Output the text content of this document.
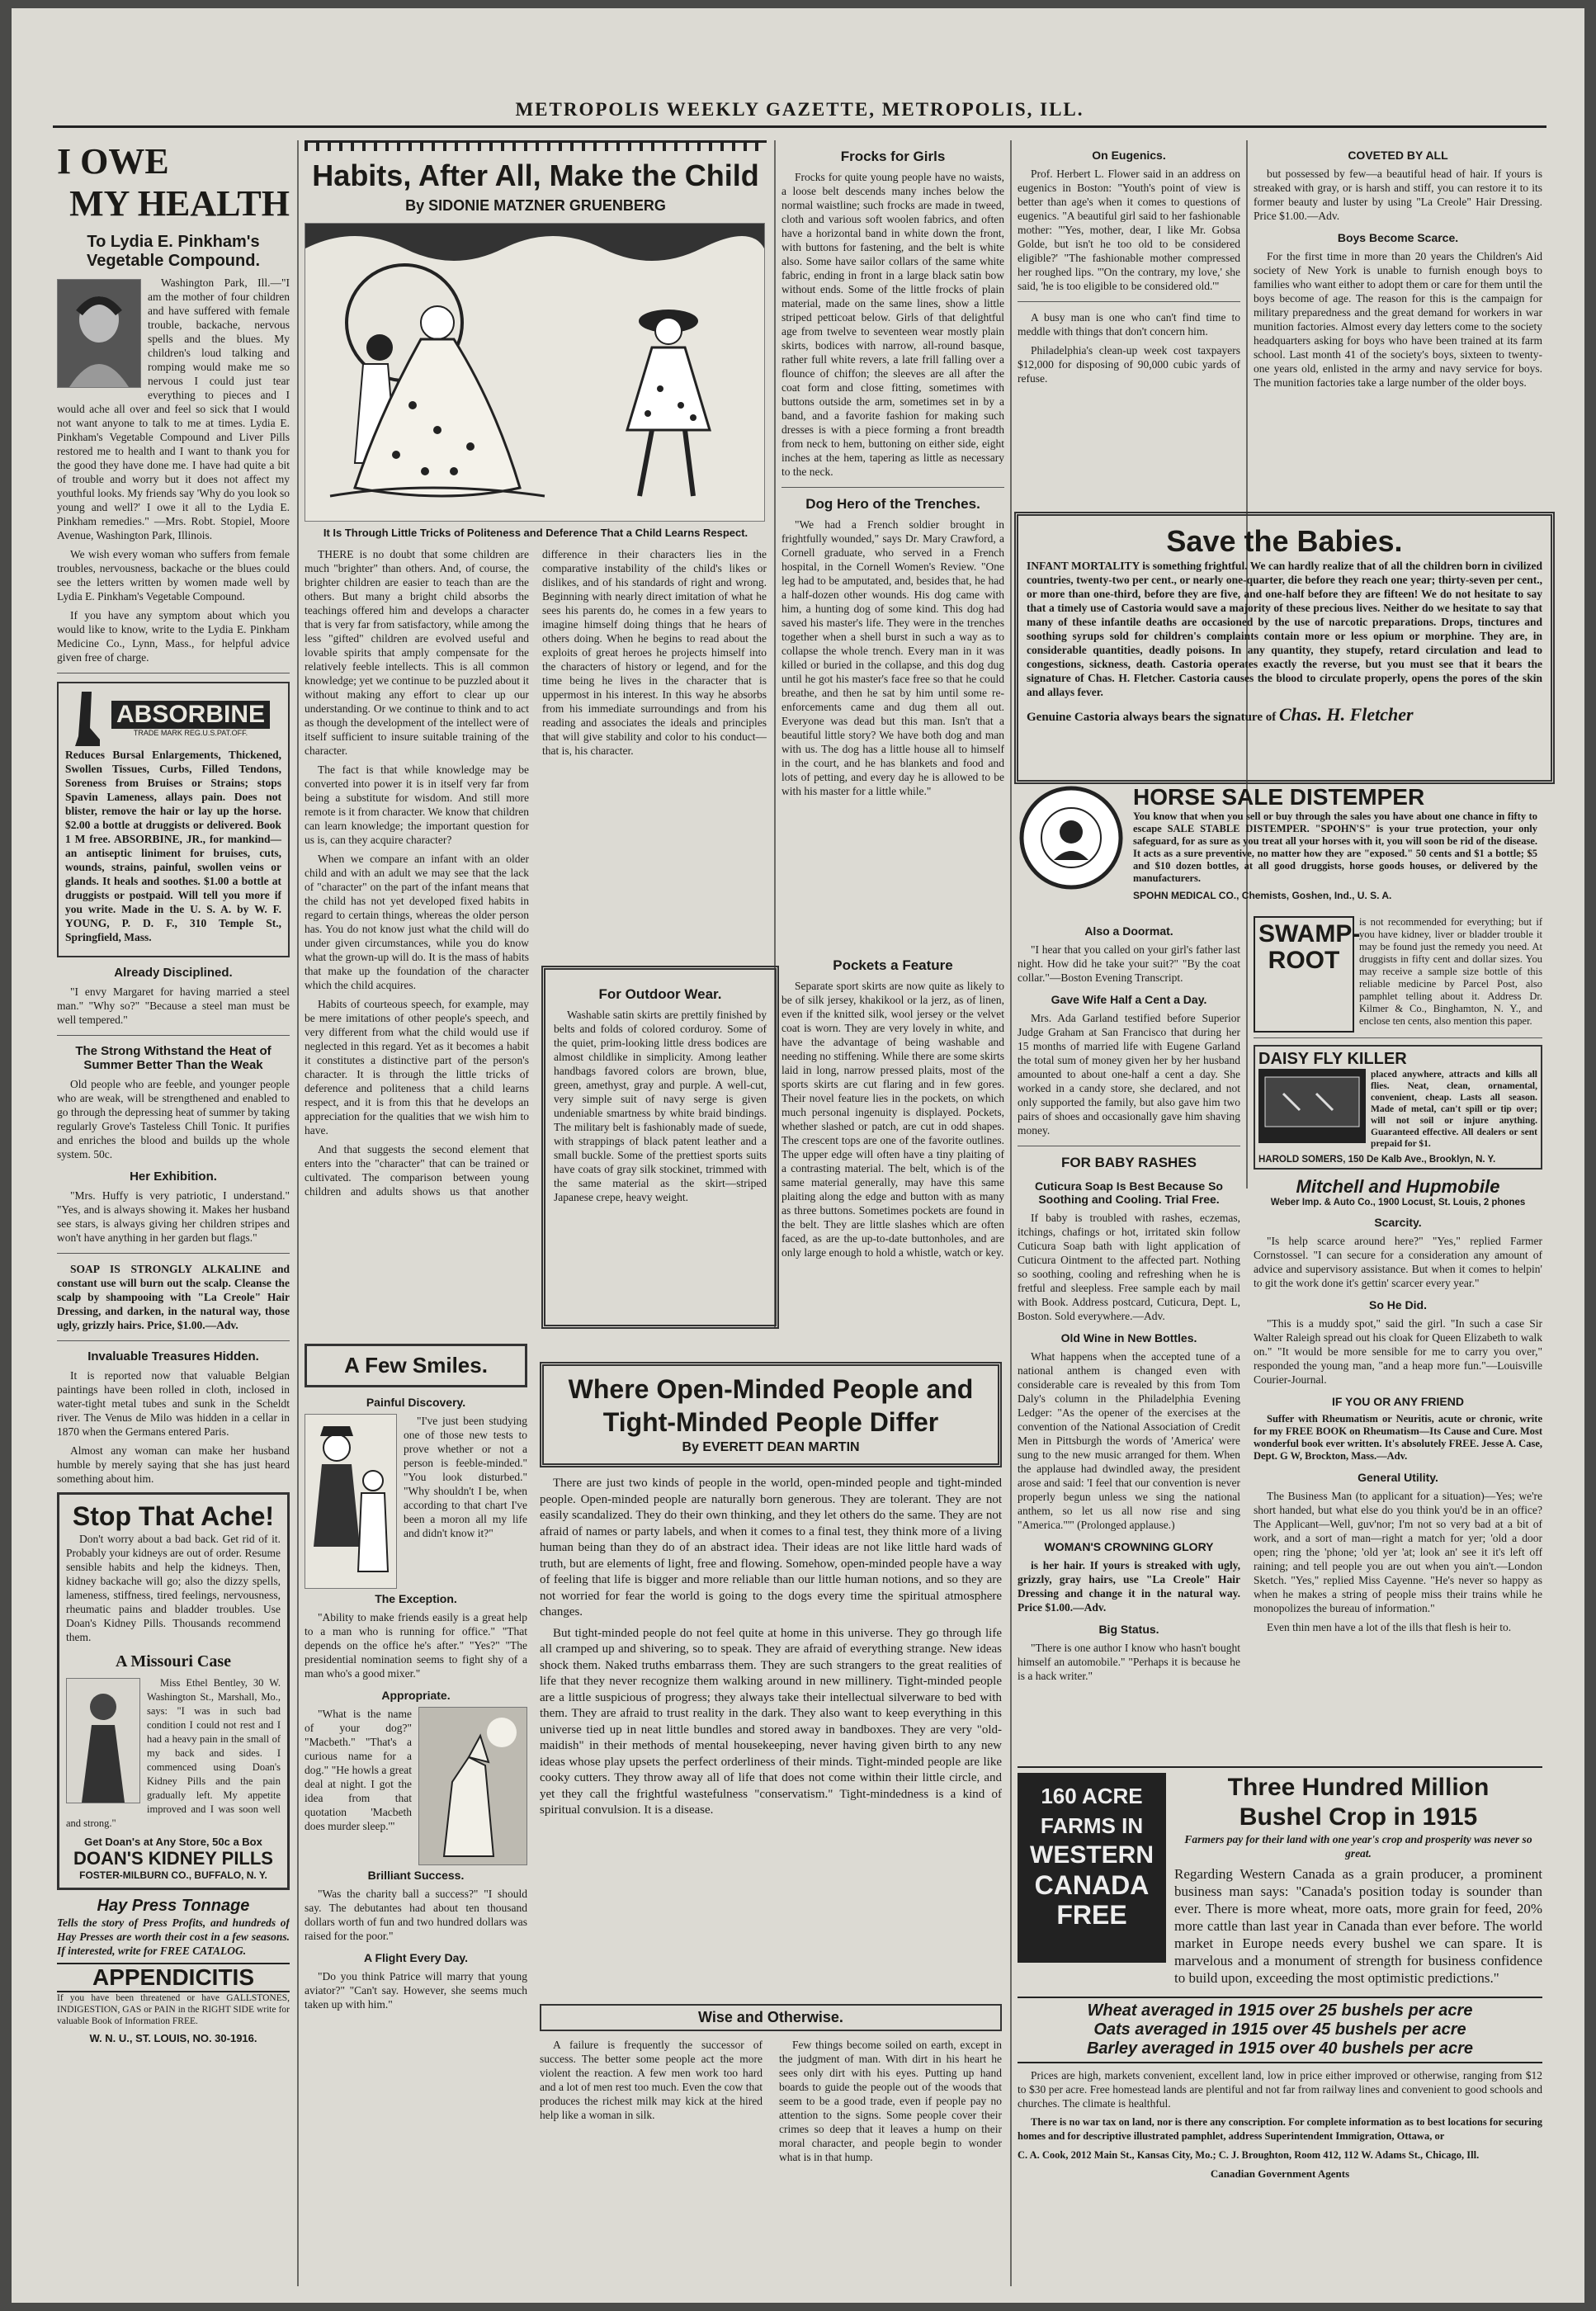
METROPOLIS WEEKLY GAZETTE, METROPOLIS, ILL.
I OWE
MY HEALTH
To Lydia E. Pinkham's Vegetable Compound.

Washington Park, Ill.—"I am the mother of four children and have suffered with female trouble, backache, nervous spells and the blues. My children's loud talking and romping would make me so nervous I could just tear everything to pieces and I would ache all over and feel so sick that I would not want anyone to talk to me at times. Lydia E. Pinkham's Vegetable Compound and Liver Pills restored me to health and I want to thank you for the good they have done me. I have had quite a bit of trouble and worry but it does not affect my youthful looks. My friends say 'Why do you look so young and well?' I owe it all to the Lydia E. Pinkham remedies." —Mrs. Robt. Stopiel, Moore Avenue, Washington Park, Illinois.

We wish every woman who suffers from female troubles, nervousness, backache or the blues could see the letters written by women made well by Lydia E. Pinkham's Vegetable Compound.

If you have any symptom about which you would like to know, write to the Lydia E. Pinkham Medicine Co., Lynn, Mass., for helpful advice given free of charge.

ABSORBINE
TRADE MARK REG.U.S.PAT.OFF.

Reduces Bursal Enlargements, Thickened, Swollen Tissues, Curbs, Filled Tendons, Soreness from Bruises or Strains; stops Spavin Lameness, allays pain. Does not blister, remove the hair or lay up the horse. $2.00 a bottle at druggists or delivered. Book 1 M free. ABSORBINE, JR., for mankind—an antiseptic liniment for bruises, cuts, wounds, strains, painful, swollen veins or glands. It heals and soothes. $1.00 a bottle at druggists or postpaid. Will tell you more if you write. Made in the U. S. A. by W. F. YOUNG, P. D. F., 310 Temple St., Springfield, Mass.

Already Disciplined.

"I envy Margaret for having married a steel man." "Why so?" "Because a steel man must be well tempered."

The Strong Withstand the Heat of Summer Better Than the Weak

Old people who are feeble, and younger people who are weak, will be strengthened and enabled to go through the depressing heat of summer by taking regularly Grove's Tasteless Chill Tonic. It purifies and enriches the blood and builds up the whole system. 50c.

Her Exhibition.

"Mrs. Huffy is very patriotic, I understand." "Yes, and is always showing it. Makes her husband see stars, is always giving her children stripes and won't have anything in her garden but flags."

SOAP IS STRONGLY ALKALINE and constant use will burn out the scalp. Cleanse the scalp by shampooing with "La Creole" Hair Dressing, and darken, in the natural way, those ugly, grizzly hairs. Price, $1.00.—Adv.

Invaluable Treasures Hidden.

It is reported now that valuable Belgian paintings have been rolled in cloth, inclosed in water-tight metal tubes and sunk in the Scheldt river. The Venus de Milo was hidden in a cellar in 1870 when the Germans entered Paris.

Almost any woman can make her husband humble by merely saying that she has just heard something about him.

Stop That Ache!

Don't worry about a bad back. Get rid of it. Probably your kidneys are out of order. Resume sensible habits and help the kidneys. Then, kidney backache will go; also the dizzy spells, lameness, stiffness, tired feelings, nervousness, rheumatic pains and bladder troubles. Use Doan's Kidney Pills. Thousands recommend them.

A Missouri Case

Miss Ethel Bentley, 30 W. Washington St., Marshall, Mo., says: "I was in such bad condition I could not rest and I had a heavy pain in the small of my back and sides. I commenced using Doan's Kidney Pills and the pain gradually left. My appetite improved and I was soon well and strong."

Get Doan's at Any Store, 50c a Box
DOAN'S KIDNEY PILLS
FOSTER-MILBURN CO., BUFFALO, N. Y.
Hay Press Tonnage

Tells the story of Press Profits, and hundreds of Hay Presses are worth their cost in a few seasons. If interested, write for FREE CATALOG.

APPENDICITIS

If you have been threatened or have GALLSTONES, INDIGESTION, GAS or PAIN in the RIGHT SIDE write for valuable Book of Information FREE.

W. N. U., ST. LOUIS, NO. 30-1916.
Habits, After All, Make the Child
By SIDONIE MATZNER GRUENBERG
It Is Through Little Tricks of Politeness and Deference That a Child Learns Respect.

THERE is no doubt that some children are much "brighter" than others. And, of course, the brighter children are easier to teach than are the others. But many a bright child absorbs the teachings offered him and develops a character that is very far from satisfactory, while among the less "gifted" children are evolved useful and lovable spirits that amply compensate for the relatively feeble intellects. This is all common knowledge; yet we continue to be puzzled about it without making any effort to clear up our understanding. Or we continue to think and to act as though the development of the intellect were of itself sufficient to insure suitable training of the character.

The fact is that while knowledge may be converted into power it is in itself very far from being a substitute for wisdom. And still more remote is it from character. We know that children can learn knowledge; the important question for us is, can they acquire character?

When we compare an infant with an older child and with an adult we may see that the lack of "character" on the part of the infant means that the child has not yet developed fixed habits in regard to certain things, whereas the older person has. You do not know just what the child will do under given circumstances, while you do know what the grown-up will do. It is the mass of habits that make up the foundation of the character which the child acquires.

Habits of courteous speech, for example, may be mere imitations of other people's speech, and very different from what the child would use if neglected in this regard. Yet as it becomes a habit it constitutes a distinctive part of the person's character. It is through the little tricks of deference and politeness that a child learns respect, and it is from this that he develops an appreciation for the qualities that we wish him to have.

And that suggests the second element that enters into the "character" that can be trained or cultivated. The comparison between young children and adults shows us that another difference in their characters lies in the comparative instability of the child's likes or dislikes, and of his standards of right and wrong. Beginning with nearly direct imitation of what he sees his parents do, he comes in a few years to imagine himself doing things that he hears of others doing. When he begins to read about the exploits of great heroes he projects himself into the characters of history or legend, and for the time being he lives in the character that is uppermost in his interest. In this way he absorbs from his immediate surroundings and from his reading and associates the ideals and principles that will give stability and color to his conduct—that is, his character.

A Few Smiles.
Painful Discovery.

"I've just been studying one of those new tests to prove whether or not a person is feeble-minded." "You look disturbed." "Why shouldn't I be, when according to that chart I've been a moron all my life and didn't know it?"

The Exception.

"Ability to make friends easily is a great help to a man who is running for office." "That depends on the office he's after." "Yes?" "The presidential nomination seems to fight shy of a man who's a good mixer."

Appropriate.

"What is the name of your dog?" "Macbeth." "That's a curious name for a dog." "He howls a great deal at night. I got the idea from that quotation 'Macbeth does murder sleep.'"

Brilliant Success.

"Was the charity ball a success?" "I should say. The debutantes had about ten thousand dollars worth of fun and two hundred dollars was raised for the poor."

A Flight Every Day.

"Do you think Patrice will marry that young aviator?" "Can't say. However, she seems much taken up with him."

Frocks for Girls

Frocks for quite young people have no waists, a loose belt descends many inches below the normal waistline; such frocks are made in tweed, cloth and various soft woolen fabrics, and often have a horizontal band in white down the front, with buttons for fastening, and the belt is white also. Some have sailor collars of the same white fabric, ending in front in a large black satin bow without ends. Some of the little frocks of plain material, made on the same lines, show a little striped petticoat below. Girls of that delightful age from twelve to seventeen wear mostly plain skirts, bodices with narrow, all-round basque, rather full white revers, a late frill falling over a flounce of chiffon; the sleeves are all after the coat form and close fitting, sometimes with buttons outside the arm, sometimes set in by a band, and a favorite fashion for making such dresses is with a piece forming a front breadth from neck to hem, buttoning on either side, eight inches at the hem, tapering as little as necessary to the neck.

Dog Hero of the Trenches.

"We had a French soldier brought in frightfully wounded," says Dr. Mary Crawford, a Cornell graduate, who served in a French hospital, in the Cornell Women's Review. "One leg had to be amputated, and, besides that, he had a half-dozen other wounds. His dog came with him, a hunting dog of some kind. This dog had saved his master's life. They were in the trenches together when a shell burst in such a way as to collapse the whole trench. Every man in it was killed or buried in the collapse, and this dog dug until he got his master's face free so that he could breathe, and then he sat by him until some re-enforcements came and dug them all out. Everyone was dead but this man. Isn't that a beautiful little story? We have both dog and man with us. The dog has a little house all to himself in the court, and he has blankets and food and lots of petting, and every day he is allowed to be with his master for a little while."

For Outdoor Wear.

Washable satin skirts are prettily finished by belts and folds of colored corduroy. Some of the quiet, prim-looking little dress bodices are almost childlike in simplicity. Among leather handbags favored colors are brown, blue, green, amethyst, gray and purple. A well-cut, very simple suit of navy serge is given undeniable smartness by white braid bindings. The military belt is fashionably made of suede, with strappings of black patent leather and a small buckle. Some of the prettiest sports suits have coats of gray silk stockinet, trimmed with the same material as the skirt—striped Japanese crepe, heavy weight.

Pockets a Feature

Separate sport skirts are now quite as likely to be of silk jersey, khakikool or la jerz, as of linen, even if the knitted silk, wool jersey or the velvet coat is worn. They are very lovely in white, and have the advantage of being washable and needing no stiffening. While there are some skirts laid in long, narrow pressed plaits, most of the sports skirts are cut flaring and in few gores. Their novel feature lies in the pockets, on which much personal ingenuity is displayed. Pockets, whether slashed or patch, are cut in odd shapes. The crescent tops are one of the favorite outlines. The upper edge will often have a tiny plaiting of a contrasting material. The belt, which is of the same material generally, may have this same plaiting along the edge and button with as many as three buttons. Sometimes pockets are found in the belt. They are little slashes which are often faced, as are the up-to-date buttonholes, and are only large enough to hold a whistle, watch or key.

Where Open-Minded People and
Tight-Minded People Differ
By EVERETT DEAN MARTIN

There are just two kinds of people in the world, open-minded people and tight-minded people. Open-minded people are naturally born generous. They are tolerant. They are not easily scandalized. They do their own thinking, and they let others do the same. They are not afraid of names or party labels, and when it comes to a final test, they think more of a living human being than they do of an abstract idea. Their ideas are not like little hard wads of truth, but are elements of light, free and flowing. Somehow, open-minded people have a way of feeling that life is bigger and more reliable than our little human notions, and so they are not worried for fear the world is going to the dogs every time the spiritual atmosphere changes.

But tight-minded people do not feel quite at home in this universe. They go through life all cramped up and shivering, so to speak. They are afraid of everything strange. New ideas shock them. Naked truths embarrass them. They are such strangers to the great realities of life that they never recognize them walking around in new millinery. Tight-minded people are a little suspicious of progress; they always take their intellectual silverware to bed with them. They are afraid to trust reality in the dark. They also want to keep everything in this universe tied up in neat little bundles and stored away in bandboxes. They are very "old-maidish" in their methods of mental housekeeping, never having given birth to any new ideas whose play upsets the perfect orderliness of their minds. Tight-minded people are like cooky cutters. They throw away all of life that does not come within their little circle, and yet they call the frightful wastefulness "conservatism." Tight-mindedness is a kind of spiritual convulsion. It is a disease.

Wise and Otherwise.

A failure is frequently the successor of success. The better some people act the more violent the reaction. A few men work too hard and a lot of men rest too much. Even the cow that produces the richest milk may kick at the hired help like a woman in silk.

Few things become soiled on earth, except in the judgment of man. With dirt in his heart he sees only dirt with his eyes. Putting up hand boards to guide the people out of the woods that seem to be a good trade, even if people pay no attention to the signs. Some people cover their crimes so deep that it leaves a hump on their moral character, and people begin to wonder what is in that hump.

On Eugenics.

Prof. Herbert L. Flower said in an address on eugenics in Boston: "Youth's point of view is better than age's when it comes to questions of eugenics. "A beautiful girl said to her fashionable mother: "'Yes, mother, dear, I like Mr. Gobsa Golde, but isn't he too old to be considered eligible?' "The fashionable mother compressed her roughed lips. "'On the contrary, my love,' she said, 'he is too eligible to be considered old.'"

A busy man is one who can't find time to meddle with things that don't concern him.

Philadelphia's clean-up week cost taxpayers $12,000 for disposing of 90,000 cubic yards of refuse.

COVETED BY ALL

but possessed by few—a beautiful head of hair. If yours is streaked with gray, or is harsh and stiff, you can restore it to its former beauty and luster by using "La Creole" Hair Dressing. Price $1.00.—Adv.

Boys Become Scarce.

For the first time in more than 20 years the Children's Aid society of New York is unable to furnish enough boys to families who want either to adopt them or care for them until the boys become of age. The reason for this is the campaign for military preparedness and the great demand for workers in war munition factories. Almost every day letters come to the society headquarters asking for boys who have been trained at its farm school. Last month 41 of the society's boys, sixteen to twenty-one years old, enlisted in the army and navy service for boys. The munition factories take a large number of the older boys.

Save the Babies.

INFANT MORTALITY is something frightful. We can hardly realize that of all the children born in civilized countries, twenty-two per cent., or nearly one-quarter, die before they reach one year; thirty-seven per cent., or more than one-third, before they are five, and one-half before they are fifteen! We do not hesitate to say that a timely use of Castoria would save a majority of these precious lives. Neither do we hesitate to say that many of these infantile deaths are occasioned by the use of narcotic preparations. Drops, tinctures and soothing syrups sold for children's complaints contain more or less opium or morphine. They are, in considerable quantities, deadly poisons. In any quantity, they stupefy, retard circulation and lead to congestions, sickness, death. Castoria operates exactly the reverse, but you must see that it bears the signature of Chas. H. Fletcher. Castoria causes the blood to circulate properly, opens the pores of the skin and allays fever.

Genuine Castoria always bears the signature of Chas. H. Fletcher
HORSE SALE DISTEMPER

You know that when you sell or buy through the sales you have about one chance in fifty to escape SALE STABLE DISTEMPER. "SPOHN'S" is your true protection, your only safeguard, for as sure as you treat all your horses with it, you will soon be rid of the disease. It acts as a sure preventive, no matter how they are "exposed." 50 cents and $1 a bottle; $5 and $10 dozen bottles, at all good druggists, horse goods houses, or delivered by the manufacturers.

SPOHN MEDICAL CO., Chemists, Goshen, Ind., U. S. A.
Also a Doormat.

"I hear that you called on your girl's father last night. How did he take your suit?" "By the coat collar."—Boston Evening Transcript.

Gave Wife Half a Cent a Day.

Mrs. Ada Garland testified before Superior Judge Graham at San Francisco that during her 15 months of married life with Eugene Garland the total sum of money given her by her husband amounted to about one-half a cent a day. She worked in a candy store, she declared, and not only supported the family, but also gave him two pairs of shoes and occasionally gave him shaving money.

FOR BABY RASHES
Cuticura Soap Is Best Because So Soothing and Cooling. Trial Free.

If baby is troubled with rashes, eczemas, itchings, chafings or hot, irritated skin follow Cuticura Soap bath with light application of Cuticura Ointment to the affected part. Nothing so soothing, cooling and refreshing when he is fretful and sleepless. Free sample each by mail with Book. Address postcard, Cuticura, Dept. L, Boston. Sold everywhere.—Adv.

Old Wine in New Bottles.

What happens when the accepted tune of a national anthem is changed even with considerable care is revealed by this from Tom Daly's column in the Philadelphia Evening Ledger: "As the opener of the exercises at the convention of the National Association of Credit Men in Pittsburgh the words of 'America' were sung to the new music arranged for them. When the applause had dwindled away, the president arose and said: 'I feel that our convention is never properly begun unless we sing the national anthem, so let us all now rise and sing "America."'" (Prolonged applause.)

WOMAN'S CROWNING GLORY

is her hair. If yours is streaked with ugly, grizzly, gray hairs, use "La Creole" Hair Dressing and change it in the natural way. Price $1.00.—Adv.

Big Status.

"There is one author I know who hasn't bought himself an automobile." "Perhaps it is because he is a hack writer."

SWAMP-ROOT

is not recommended for everything; but if you have kidney, liver or bladder trouble it may be found just the remedy you need. At druggists in fifty cent and dollar sizes. You may receive a sample size bottle of this reliable medicine by Parcel Post, also pamphlet telling about it. Address Dr. Kilmer & Co., Binghamton, N. Y., and enclose ten cents, also mention this paper.

DAISY FLY KILLER

placed anywhere, attracts and kills all flies. Neat, clean, ornamental, convenient, cheap. Lasts all season. Made of metal, can't spill or tip over; will not soil or injure anything. Guaranteed effective. All dealers or sent prepaid for $1.

HAROLD SOMERS, 150 De Kalb Ave., Brooklyn, N. Y.
Mitchell and Hupmobile
Weber Imp. & Auto Co., 1900 Locust, St. Louis, 2 phones
Scarcity.

"Is help scarce around here?" "Yes," replied Farmer Cornstossel. "I can secure for a consideration any amount of advice and supervisory assistance. But when it comes to helpin' to git the work done it's gettin' scarcer every year."

So He Did.

"This is a muddy spot," said the girl. "In such a case Sir Walter Raleigh spread out his cloak for Queen Elizabeth to walk on." "It would be more sensible for me to carry you over," responded the young man, "and a heap more fun."—Louisville Courier-Journal.

IF YOU OR ANY FRIEND

Suffer with Rheumatism or Neuritis, acute or chronic, write for my FREE BOOK on Rheumatism—Its Cause and Cure. Most wonderful book ever written. It's absolutely FREE. Jesse A. Case, Dept. G W, Brockton, Mass.—Adv.

General Utility.

The Business Man (to applicant for a situation)—Yes; we're short handed, but what else do you think you'd be in an office? The Applicant—Well, guv'nor; I'm not so very bad at a bit of work, and a sort of man—right a match for yer; 'old a door open; ring the 'phone; 'old yer 'at; look an' see it it's left off raining; and tell people you are out when you ain't.—London Sketch. "Yes," replied Miss Cayenne. "He's never so happy as when he makes a string of people miss their trains while he monopolizes the bureau of information."

Even thin men have a lot of the ills that flesh is heir to.

160 ACRE
FARMS IN
WESTERN
CANADA
FREE
Three Hundred Million
Bushel Crop in 1915

Farmers pay for their land with one year's crop and prosperity was never so great.

Regarding Western Canada as a grain producer, a prominent business man says: "Canada's position today is sounder than ever. There is more wheat, more oats, more grain for feed, 20% more cattle than last year in Canada than ever before. The world market in Europe needs every bushel we can spare. It is marvelous and a monument of strength for business confidence to build upon, exceeding the most optimistic predictions."

Wheat averaged in 1915 over 25 bushels per acre
Oats averaged in 1915 over 45 bushels per acre
Barley averaged in 1915 over 40 bushels per acre

Prices are high, markets convenient, excellent land, low in price either improved or otherwise, ranging from $12 to $30 per acre. Free homestead lands are plentiful and not far from railway lines and convenient to good schools and churches. The climate is healthful.

There is no war tax on land, nor is there any conscription. For complete information as to best locations for securing homes and for descriptive illustrated pamphlet, address Superintendent Immigration, Ottawa, or

C. A. Cook, 2012 Main St., Kansas City, Mo.; C. J. Broughton, Room 412, 112 W. Adams St., Chicago, Ill.

Canadian Government Agents
